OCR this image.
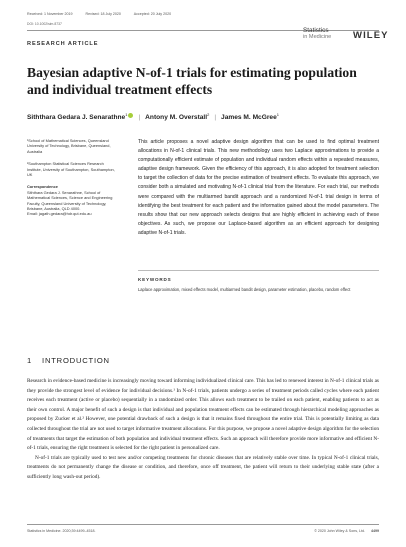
Received: 1 November 2019	Revised: 18 July 2020	Accepted: 20 July 2020
DOI: 10.1002/sim.8737
RESEARCH ARTICLE
Statistics
in Medicine	WILEY
Bayesian adaptive N-of-1 trials for estimating population and individual treatment effects
Siththara Gedara J. Senarathne$^1$ | Antony M. Overstall$^2$ | James M. McGree$^1$

¹School of Mathematical Sciences, Queensland University of Technology, Brisbane, Queensland, Australia

²Southampton Statistical Sciences Research Institute, University of Southampton, Southampton, UK

Correspondence

Siththara Gedara J. Senarathne, School of Mathematical Sciences, Science and Engineering Faculty, Queensland University of Technology, Brisbane, Australia, QLD 4000.
Email: jagath.gedara@hdr.qut.edu.au

This article proposes a novel adaptive design algorithm that can be used to find optimal treatment allocations in N-of-1 clinical trials. This new methodology uses two Laplace approximations to provide a computationally efficient estimate of population and individual random effects within a repeated measures, adaptive design framework. Given the efficiency of this approach, it is also adopted for treatment selection to target the collection of data for the precise estimation of treatment effects. To evaluate this approach, we consider both a simulated and motivating N-of-1 clinical trial from the literature. For each trial, our methods were compared with the multiarmed bandit approach and a randomized N-of-1 trial design in terms of identifying the best treatment for each patient and the information gained about the model parameters. The results show that our new approach selects designs that are highly efficient in achieving each of these objectives. As such, we propose our Laplace-based algorithm as an efficient approach for designing adaptive N-of-1 trials.

KEYWORDS

Laplace approximation, mixed effects model, multiarmed bandit design, parameter estimation, placebo, random effect

1 INTRODUCTION

Research in evidence-based medicine is increasingly moving toward informing individualized clinical care. This has led to renewed interest in N-of-1 clinical trials as they provide the strongest level of evidence for individual decisions.¹ In N-of-1 trials, patients undergo a series of treatment periods called cycles where each patient receives each treatment (active or placebo) sequentially in a randomized order. This allows each treatment to be trailed on each patient, enabling patients to act as their own control. A major benefit of such a design is that individual and population treatment effects can be estimated through hierarchical modeling approaches as proposed by Zucker et al.² However, one potential drawback of such a design is that it remains fixed throughout the entire trial. This is potentially limiting as data collected throughout the trial are not used to target informative treatment allocations. For this purpose, we propose a novel adaptive design algorithm for the selection of treatments that target the estimation of both population and individual treatment effects. Such an approach will therefore provide more informative and efficient N-of-1 trials, ensuring the right treatment is selected for the right patient in personalized care.

N-of-1 trials are typically used to test new and/or competing treatments for chronic diseases that are relatively stable over time. In typical N-of-1 clinical trials, treatments do not permanently change the disease or condition, and therefore, once off treatment, the patient will return to their underlying stable state (after a sufficiently long wash-out period).

Statistics in Medicine. 2020;39:4499–4518.	© 2020 John Wiley & Sons, Ltd. 4499
